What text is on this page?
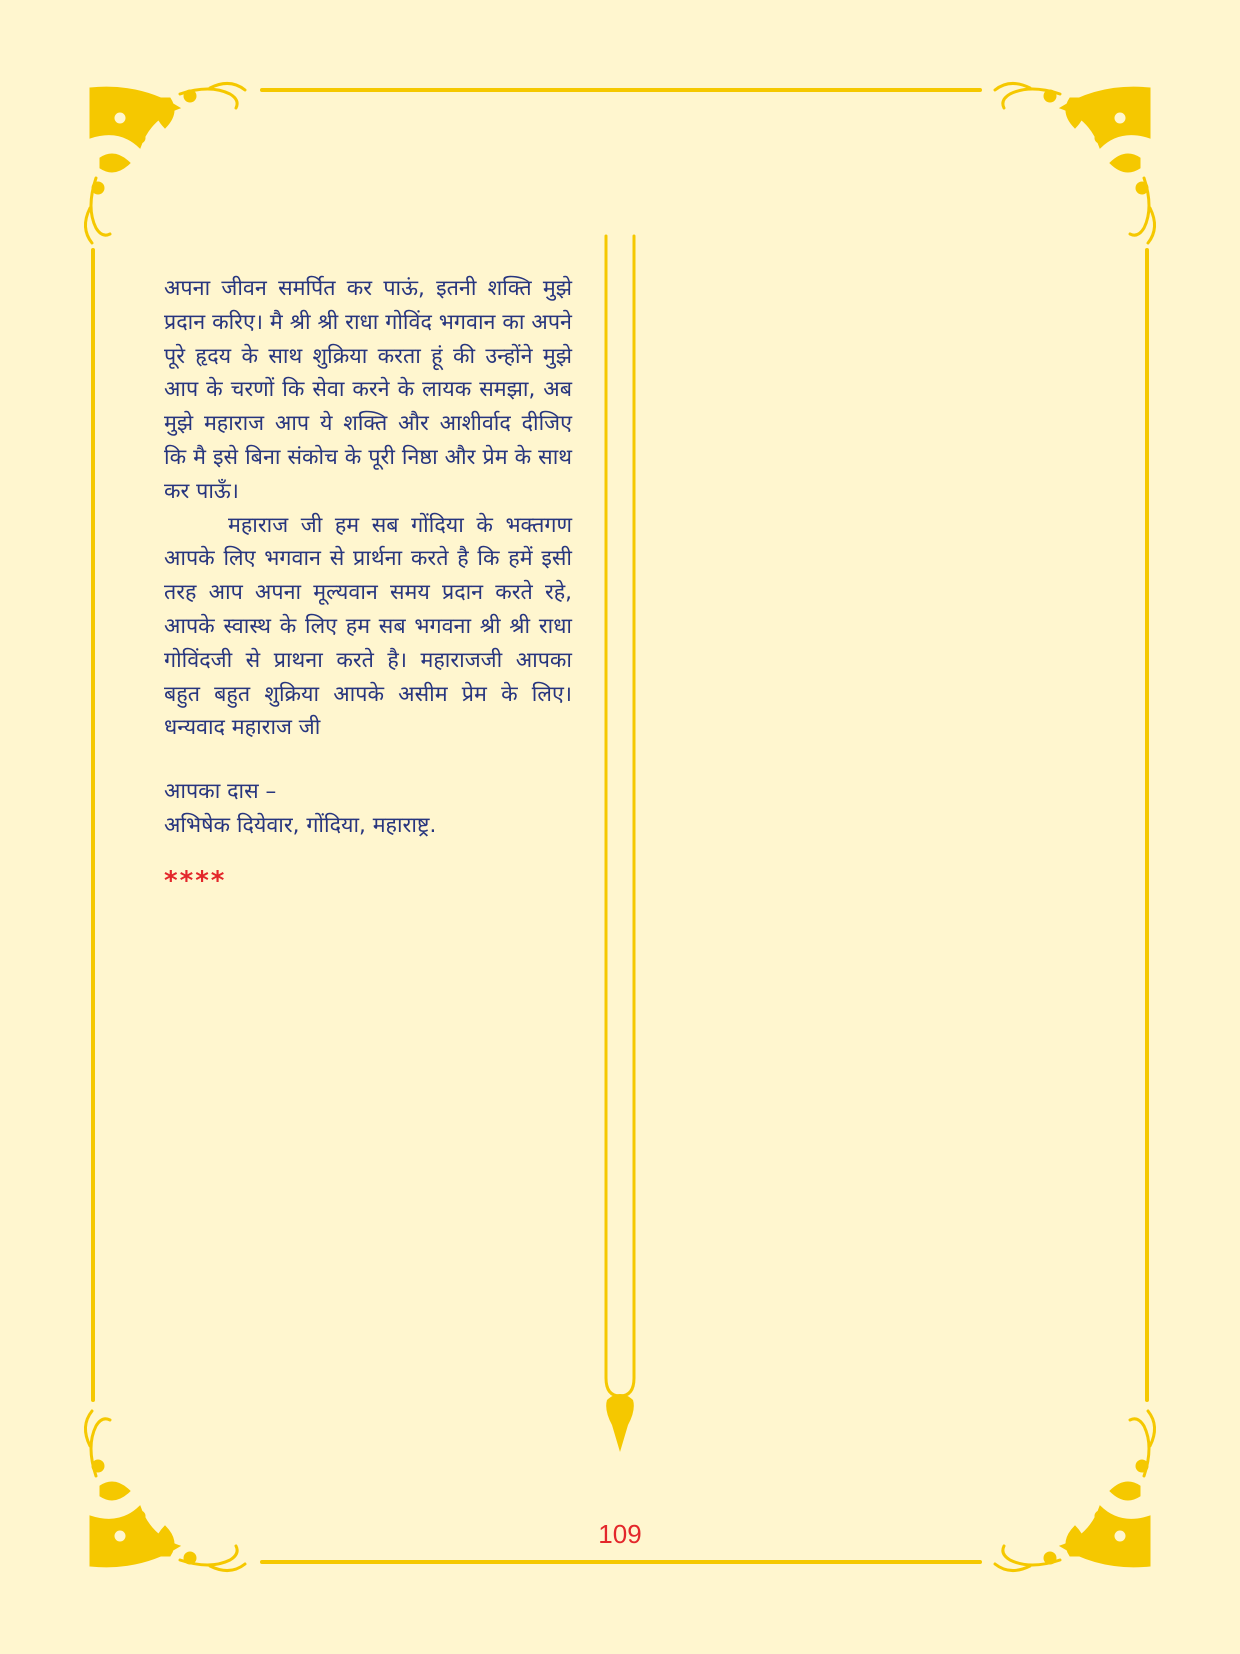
अपना जीवन समर्पित कर पाऊं, इतनी शक्ति मुझे प्रदान करिए। मै श्री श्री राधा गोविंद भगवान का अपने पूरे हृदय के साथ शुक्रिया करता हूं की उन्होंने मुझे आप के चरणों कि सेवा करने के लायक समझा, अब मुझे महाराज आप ये शक्ति और आशीर्वाद दीजिए कि मै इसे बिना संकोच के पूरी निष्ठा और प्रेम के साथ कर पाऊँ।

महाराज जी हम सब गोंदिया के भक्तगण आपके लिए भगवान से प्रार्थना करते है कि हमें इसी तरह आप अपना मूल्यवान समय प्रदान करते रहे, आपके स्वास्थ के लिए हम सब भगवना श्री श्री राधा गोविंदजी से प्राथना करते है। महाराजजी आपका बहुत बहुत शुक्रिया आपके असीम प्रेम के लिए। धन्यवाद महाराज जी

आपका दास –
अभिषेक दियेवार, गोंदिया, महाराष्ट्र.
****
109
